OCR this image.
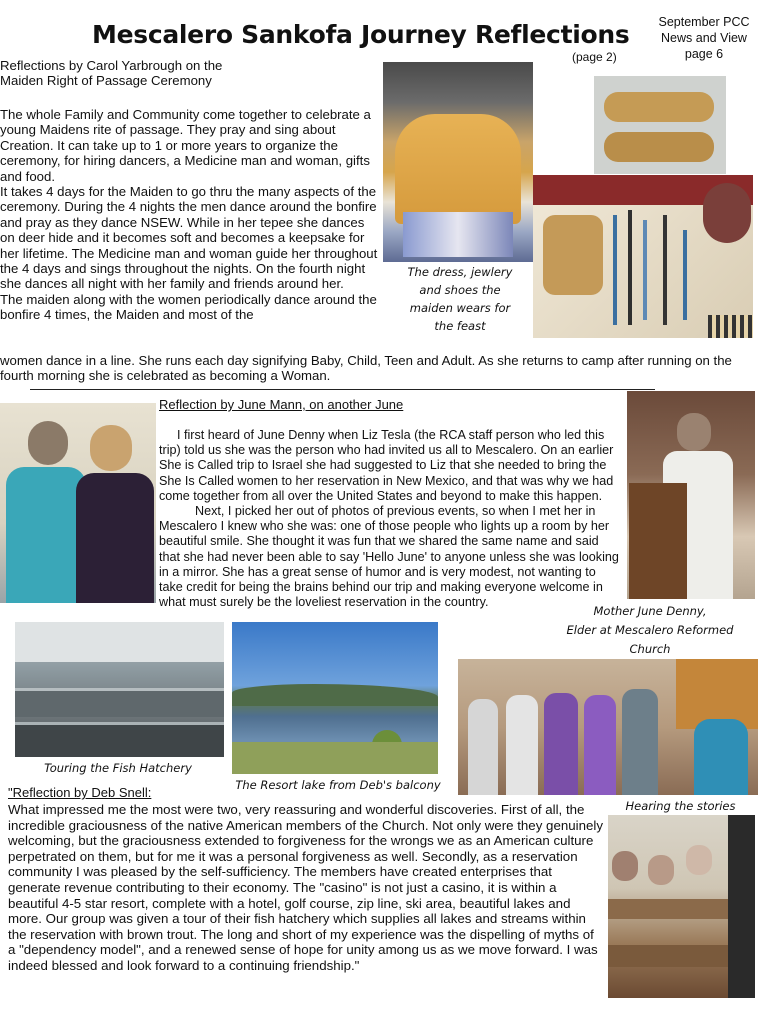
Mescalero Sankofa Journey Reflections
(page 2)
September PCC
News and View
page 6
Reflections by Carol Yarbrough on the
Maiden Right of Passage Ceremony

The whole Family and Community come together to celebrate a young Maidens rite of passage. They pray and sing about Creation. It can take up to 1 or more years to organize the ceremony, for hiring dancers, a Medicine man and woman, gifts and food.

It takes 4 days for the Maiden to go thru the many aspects of the ceremony. During the 4 nights the men dance around the bonfire and pray as they dance NSEW. While in her tepee she dances on deer hide and it becomes soft and becomes a keepsake for her lifetime. The Medicine man and woman guide her throughout the 4 days and sings throughout the nights. On the fourth night she dances all night with her family and friends around her.

The maiden along with the women periodically dance around the bonfire 4 times, the Maiden and most of the

women dance in a line. She runs each day signifying Baby, Child, Teen and Adult. As she returns to camp after running on the fourth morning she is celebrated as becoming a Woman.

The dress, jewlery
and shoes the
maiden wears for
the feast
Reflection by June Mann, on another June

I first heard of June Denny when Liz Tesla (the RCA staff person who led this trip) told us she was the person who had invited us all to Mescalero. On an earlier She is Called trip to Israel she had suggested to Liz that she needed to bring the She Is Called women to her reservation in New Mexico, and that was why we had come together from all over the United States and beyond to make this happen.

Next, I picked her out of photos of previous events, so when I met her in Mescalero I knew who she was: one of those people who lights up a room by her beautiful smile. She thought it was fun that we shared the same name and said that she had never been able to say 'Hello June' to anyone unless she was looking in a mirror. She has a great sense of humor and is very modest, not wanting to take credit for being the brains behind our trip and making everyone welcome in what must surely be the loveliest reservation in the country.

Mother June Denny,
Elder at Mescalero Reformed Church
Touring the Fish Hatchery
The Resort lake from Deb's balcony
Hearing the stories
"Reflection by Deb Snell:

What impressed me the most were two, very reassuring and wonderful discoveries. First of all, the incredible graciousness of the native American members of the Church. Not only were they genuinely welcoming, but the graciousness extended to forgiveness for the wrongs we as an American culture perpetrated on them, but for me it was a personal forgiveness as well. Secondly, as a reservation community I was pleased by the self-sufficiency. The members have created enterprises that generate revenue contributing to their economy. The "casino" is not just a casino, it is within a beautiful 4-5 star resort, complete with a hotel, golf course, zip line, ski area, beautiful lakes and more. Our group was given a tour of their fish hatchery which supplies all lakes and streams within the reservation with brown trout. The long and short of my experience was the dispelling of myths of a "dependency model", and a renewed sense of hope for unity among us as we move forward. I was indeed blessed and look forward to a continuing friendship."
